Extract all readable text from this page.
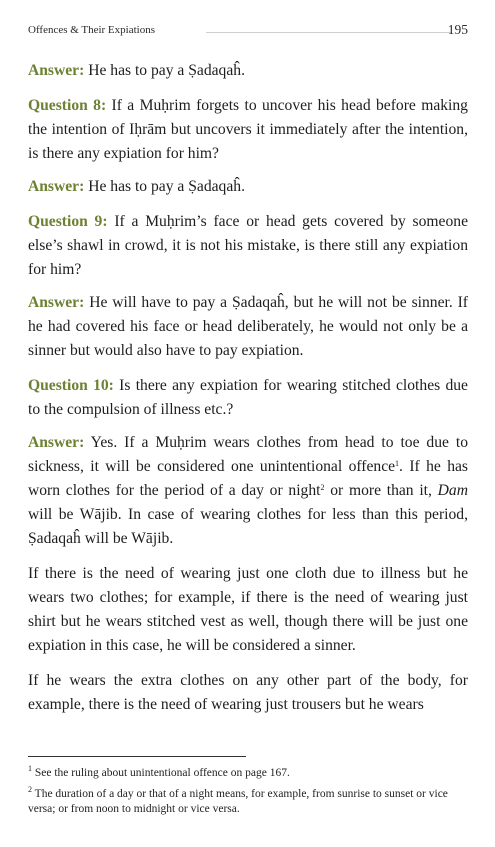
Offences & Their Expiations	195

Answer: He has to pay a Ṣadaqaĥ.

Question 8: If a Muḥrim forgets to uncover his head before making the intention of Iḥrām but uncovers it immediately after the intention, is there any expiation for him?

Answer: He has to pay a Ṣadaqaĥ.

Question 9: If a Muḥrim’s face or head gets covered by someone else’s shawl in crowd, it is not his mistake, is there still any expiation for him?

Answer: He will have to pay a Ṣadaqaĥ, but he will not be sinner. If he had covered his face or head deliberately, he would not only be a sinner but would also have to pay expiation.

Question 10: Is there any expiation for wearing stitched clothes due to the compulsion of illness etc.?

Answer: Yes. If a Muḥrim wears clothes from head to toe due to sickness, it will be considered one unintentional offence$^1$. If he has worn clothes for the period of a day or night$^2$ or more than it, Dam will be Wājib. In case of wearing clothes for less than this period, Ṣadaqaĥ will be Wājib.

If there is the need of wearing just one cloth due to illness but he wears two clothes; for example, if there is the need of wearing just shirt but he wears stitched vest as well, though there will be just one expiation in this case, he will be considered a sinner.

If he wears the extra clothes on any other part of the body, for example, there is the need of wearing just trousers but he wears

$^1$ See the ruling about unintentional offence on page 167.

$^2$ The duration of a day or that of a night means, for example, from sunrise to sunset or vice versa; or from noon to midnight or vice versa.
